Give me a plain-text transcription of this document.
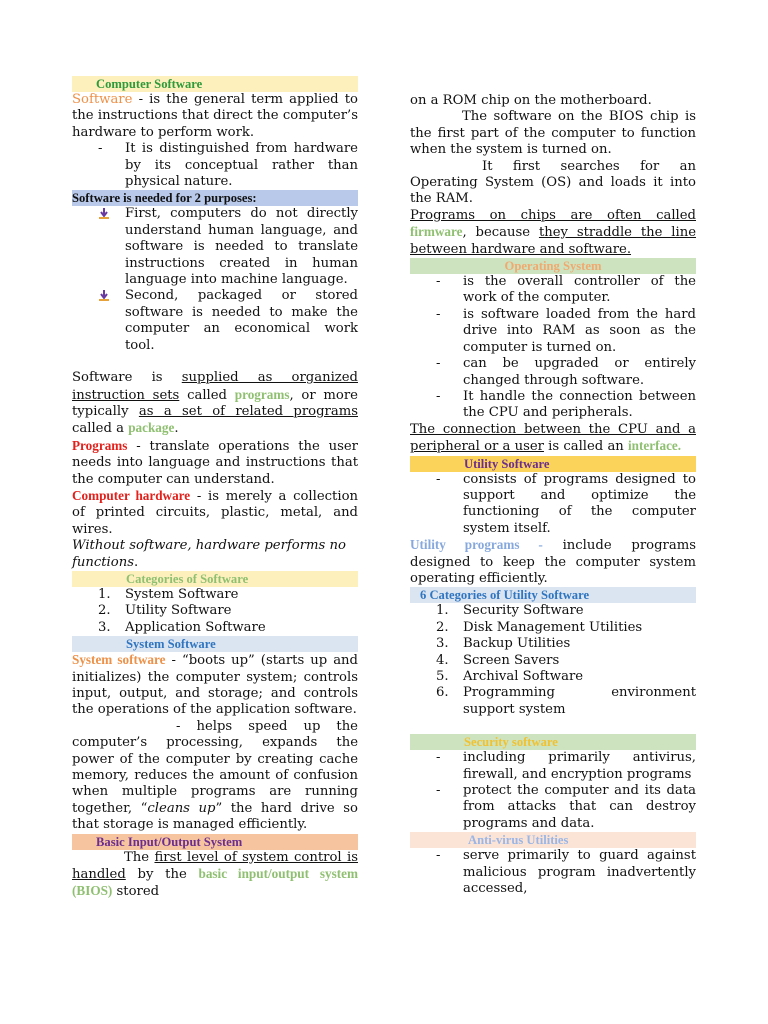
Computer Software

Software - is the general term applied to the instructions that direct the computer’s hardware to perform work.

-	It is distinguished from hardware by its conceptual rather than physical nature.
Software is needed for 2 purposes:
First, computers do not directly understand human language, and software is needed to translate instructions created in human language into machine language.
Second, packaged or stored software is needed to make the computer an economical work tool.

Software is supplied as organized instruction sets called programs, or more typically as a set of related programs called a package.

Programs - translate operations the user needs into language and instructions that the computer can understand.

Computer hardware - is merely a collection of printed circuits, plastic, metal, and wires.

Without software, hardware performs no functions.

Categories of Software
1.	System Software
2.	Utility Software
3.	Application Software
System Software

System software - “boots up” (starts up and initializes) the computer system; controls input, output, and storage; and controls the operations of the application software.

- helps speed up the computer’s processing, expands the power of the computer by creating cache memory, reduces the amount of confusion when multiple programs are running together, “cleans up” the hard drive so that storage is managed efficiently.

Basic Input/Output System

The first level of system control is handled by the basic input/output system (BIOS) stored

on a ROM chip on the motherboard.

The software on the BIOS chip is the first part of the computer to function when the system is turned on.

It first searches for an Operating System (OS) and loads it into the RAM.

Programs on chips are often called firmware, because they straddle the line between hardware and software.

Operating System
-	is the overall controller of the work of the computer.
-	is software loaded from the hard drive into RAM as soon as the computer is turned on.
-	can be upgraded or entirely changed through software.
-	It handle the connection between the CPU and peripherals.

The connection between the CPU and a peripheral or a user is called an interface.

Utility Software
-	consists of programs designed to support and optimize the functioning of the computer system itself.

Utility programs - include programs designed to keep the computer system operating efficiently.

6 Categories of Utility Software
1.	Security Software
2.	Disk Management Utilities
3.	Backup Utilities
4.	Screen Savers
5.	Archival Software
6.	Programming environment support system
Security software
-	including primarily antivirus, firewall, and encryption programs
-	protect the computer and its data from attacks that can destroy programs and data.
Anti-virus Utilities
-	serve primarily to guard against malicious program inadvertently accessed,
